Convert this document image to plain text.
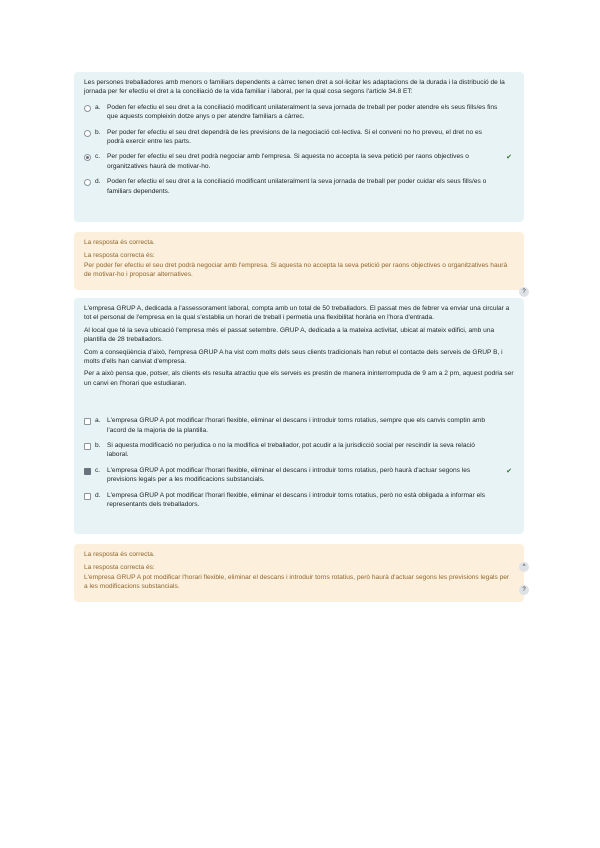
Les persones treballadores amb menors o familiars dependents a càrrec tenen dret a sol·licitar les adaptacions de la durada i la distribució de la jornada per fer efectiu el dret a la conciliació de la vida familiar i laboral, per la qual cosa segons l'article 34.8 ET:

a. Poden fer efectiu el seu dret a la conciliació modificant unilateralment la seva jornada de treball per poder atendre els seus fills/es fins que aquests compleixin dotze anys o per atendre familiars a càrrec.
b. Per poder fer efectiu el seu dret dependrà de les previsions de la negociació col·lectiva. Si el conveni no ho preveu, el dret no es podrà exercir entre les parts.
c.	Per poder fer efectiu el seu dret podrà negociar amb l'empresa. Si aquesta no accepta la seva petició per raons objectives o organitzatives haurà de motivar-ho.
✔
d. Poden fer efectiu el seu dret a la conciliació modificant unilateralment la seva jornada de treball per poder cuidar els seus fills/es o familiars dependents.

La resposta és correcta.

La resposta correcta és:

Per poder fer efectiu el seu dret podrà negociar amb l'empresa. Si aquesta no accepta la seva petició per raons objectives o organitzatives haurà de motivar-ho i proposar alternatives.

?

L'empresa GRUP A, dedicada a l'assessorament laboral, compta amb un total de 50 treballadors. El passat mes de febrer va enviar una circular a tot el personal de l'empresa en la qual s'establia un horari de treball i permetia una flexibilitat horària en l'hora d'entrada.

Al local que té la seva ubicació l'empresa més el passat setembre. GRUP A, dedicada a la mateixa activitat, ubicat al mateix edifici, amb una plantilla de 28 treballadors.

Com a conseqüència d'això, l'empresa GRUP A ha vist com molts dels seus clients tradicionals han rebut el contacte dels serveis de GRUP B, i molts d'ells han canviat d'empresa.

Per a això pensa que, potser, als clients els resulta atractiu que els serveis es prestin de manera ininterrompuda de 9 am a 2 pm, aquest podria ser un canvi en l'horari que estudiaran.

a. L'empresa GRUP A pot modificar l'horari flexible, eliminar el descans i introduir torns rotatius, sempre que els canvis comptin amb l'acord de la majoria de la plantilla.
b. Si aquesta modificació no perjudica o no la modifica el treballador, pot acudir a la jurisdicció social per rescindir la seva relació laboral.
c.	L'empresa GRUP A pot modificar l'horari flexible, eliminar el descans i introduir torns rotatius, però haurà d'actuar segons les previsions legals per a les modificacions substancials.
✔
d. L'empresa GRUP A pot modificar l'horari flexible, eliminar el descans i introduir torns rotatius, però no està obligada a informar els representants dels treballadors.

La resposta és correcta.

La resposta correcta és:

L'empresa GRUP A pot modificar l'horari flexible, eliminar el descans i introduir torns rotatius, però haurà d'actuar segons les previsions legals per a les modificacions substancials.

^
?
